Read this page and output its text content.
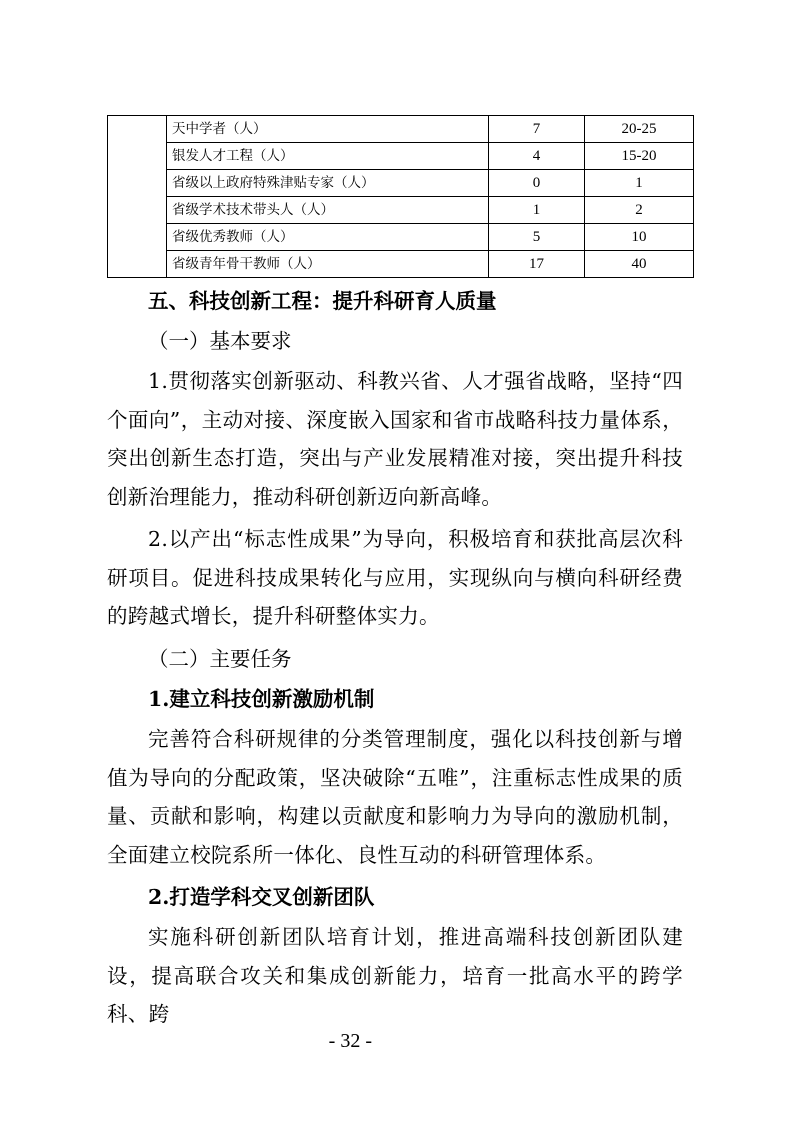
	天中学者（人）	7	20-25
	银发人才工程（人）	4	15-20
	省级以上政府特殊津贴专家（人）	0	1
	省级学术技术带头人（人）	1	2
	省级优秀教师（人）	5	10
	省级青年骨干教师（人）	17	40

五、科技创新工程：提升科研育人质量

（一）基本要求

1.贯彻落实创新驱动、科教兴省、人才强省战略，坚持“四个面向”，主动对接、深度嵌入国家和省市战略科技力量体系，突出创新生态打造，突出与产业发展精准对接，突出提升科技创新治理能力，推动科研创新迈向新高峰。

2.以产出“标志性成果”为导向，积极培育和获批高层次科研项目。促进科技成果转化与应用，实现纵向与横向科研经费的跨越式增长，提升科研整体实力。

（二）主要任务

1.建立科技创新激励机制

完善符合科研规律的分类管理制度，强化以科技创新与增值为导向的分配政策，坚决破除“五唯”，注重标志性成果的质量、贡献和影响，构建以贡献度和影响力为导向的激励机制，全面建立校院系所一体化、良性互动的科研管理体系。

2.打造学科交叉创新团队

实施科研创新团队培育计划，推进高端科技创新团队建设，提高联合攻关和集成创新能力，培育一批高水平的跨学科、跨

- 32 -
